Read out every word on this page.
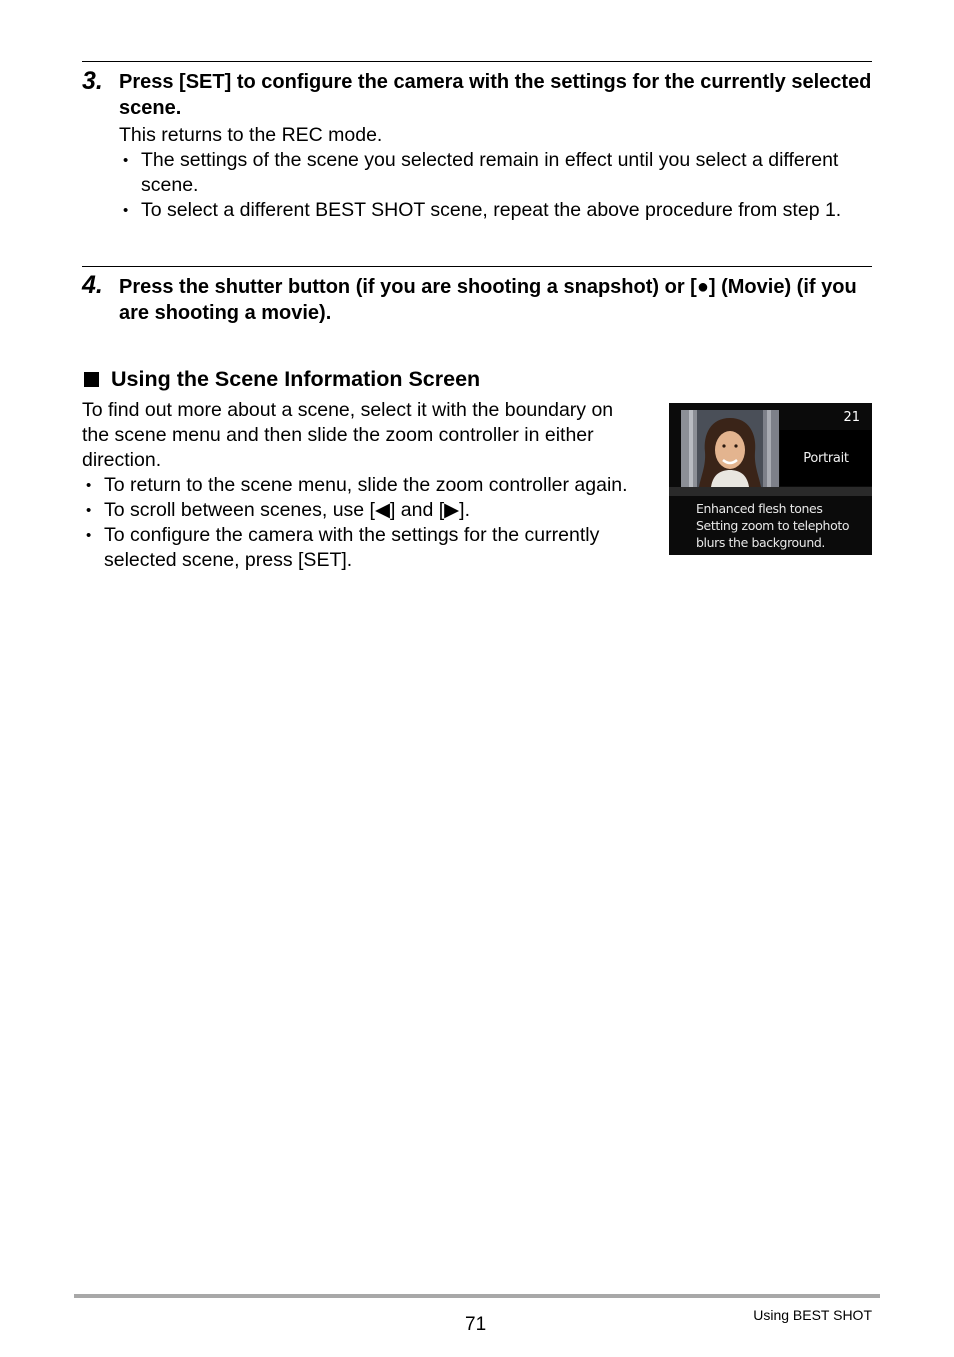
3. Press [SET] to configure the camera with the settings for the currently selected scene.
This returns to the REC mode.
• The settings of the scene you selected remain in effect until you select a different scene.
• To select a different BEST SHOT scene, repeat the above procedure from step 1.
4. Press the shutter button (if you are shooting a snapshot) or [●] (Movie) (if you are shooting a movie).
Using the Scene Information Screen
To find out more about a scene, select it with the boundary on the scene menu and then slide the zoom controller in either direction.
• To return to the scene menu, slide the zoom controller again.
• To scroll between scenes, use [◀] and [▶].
• To configure the camera with the settings for the currently selected scene, press [SET].
21
Portrait
Enhanced flesh tones
Setting zoom to telephoto
blurs the background.
71	Using BEST SHOT
